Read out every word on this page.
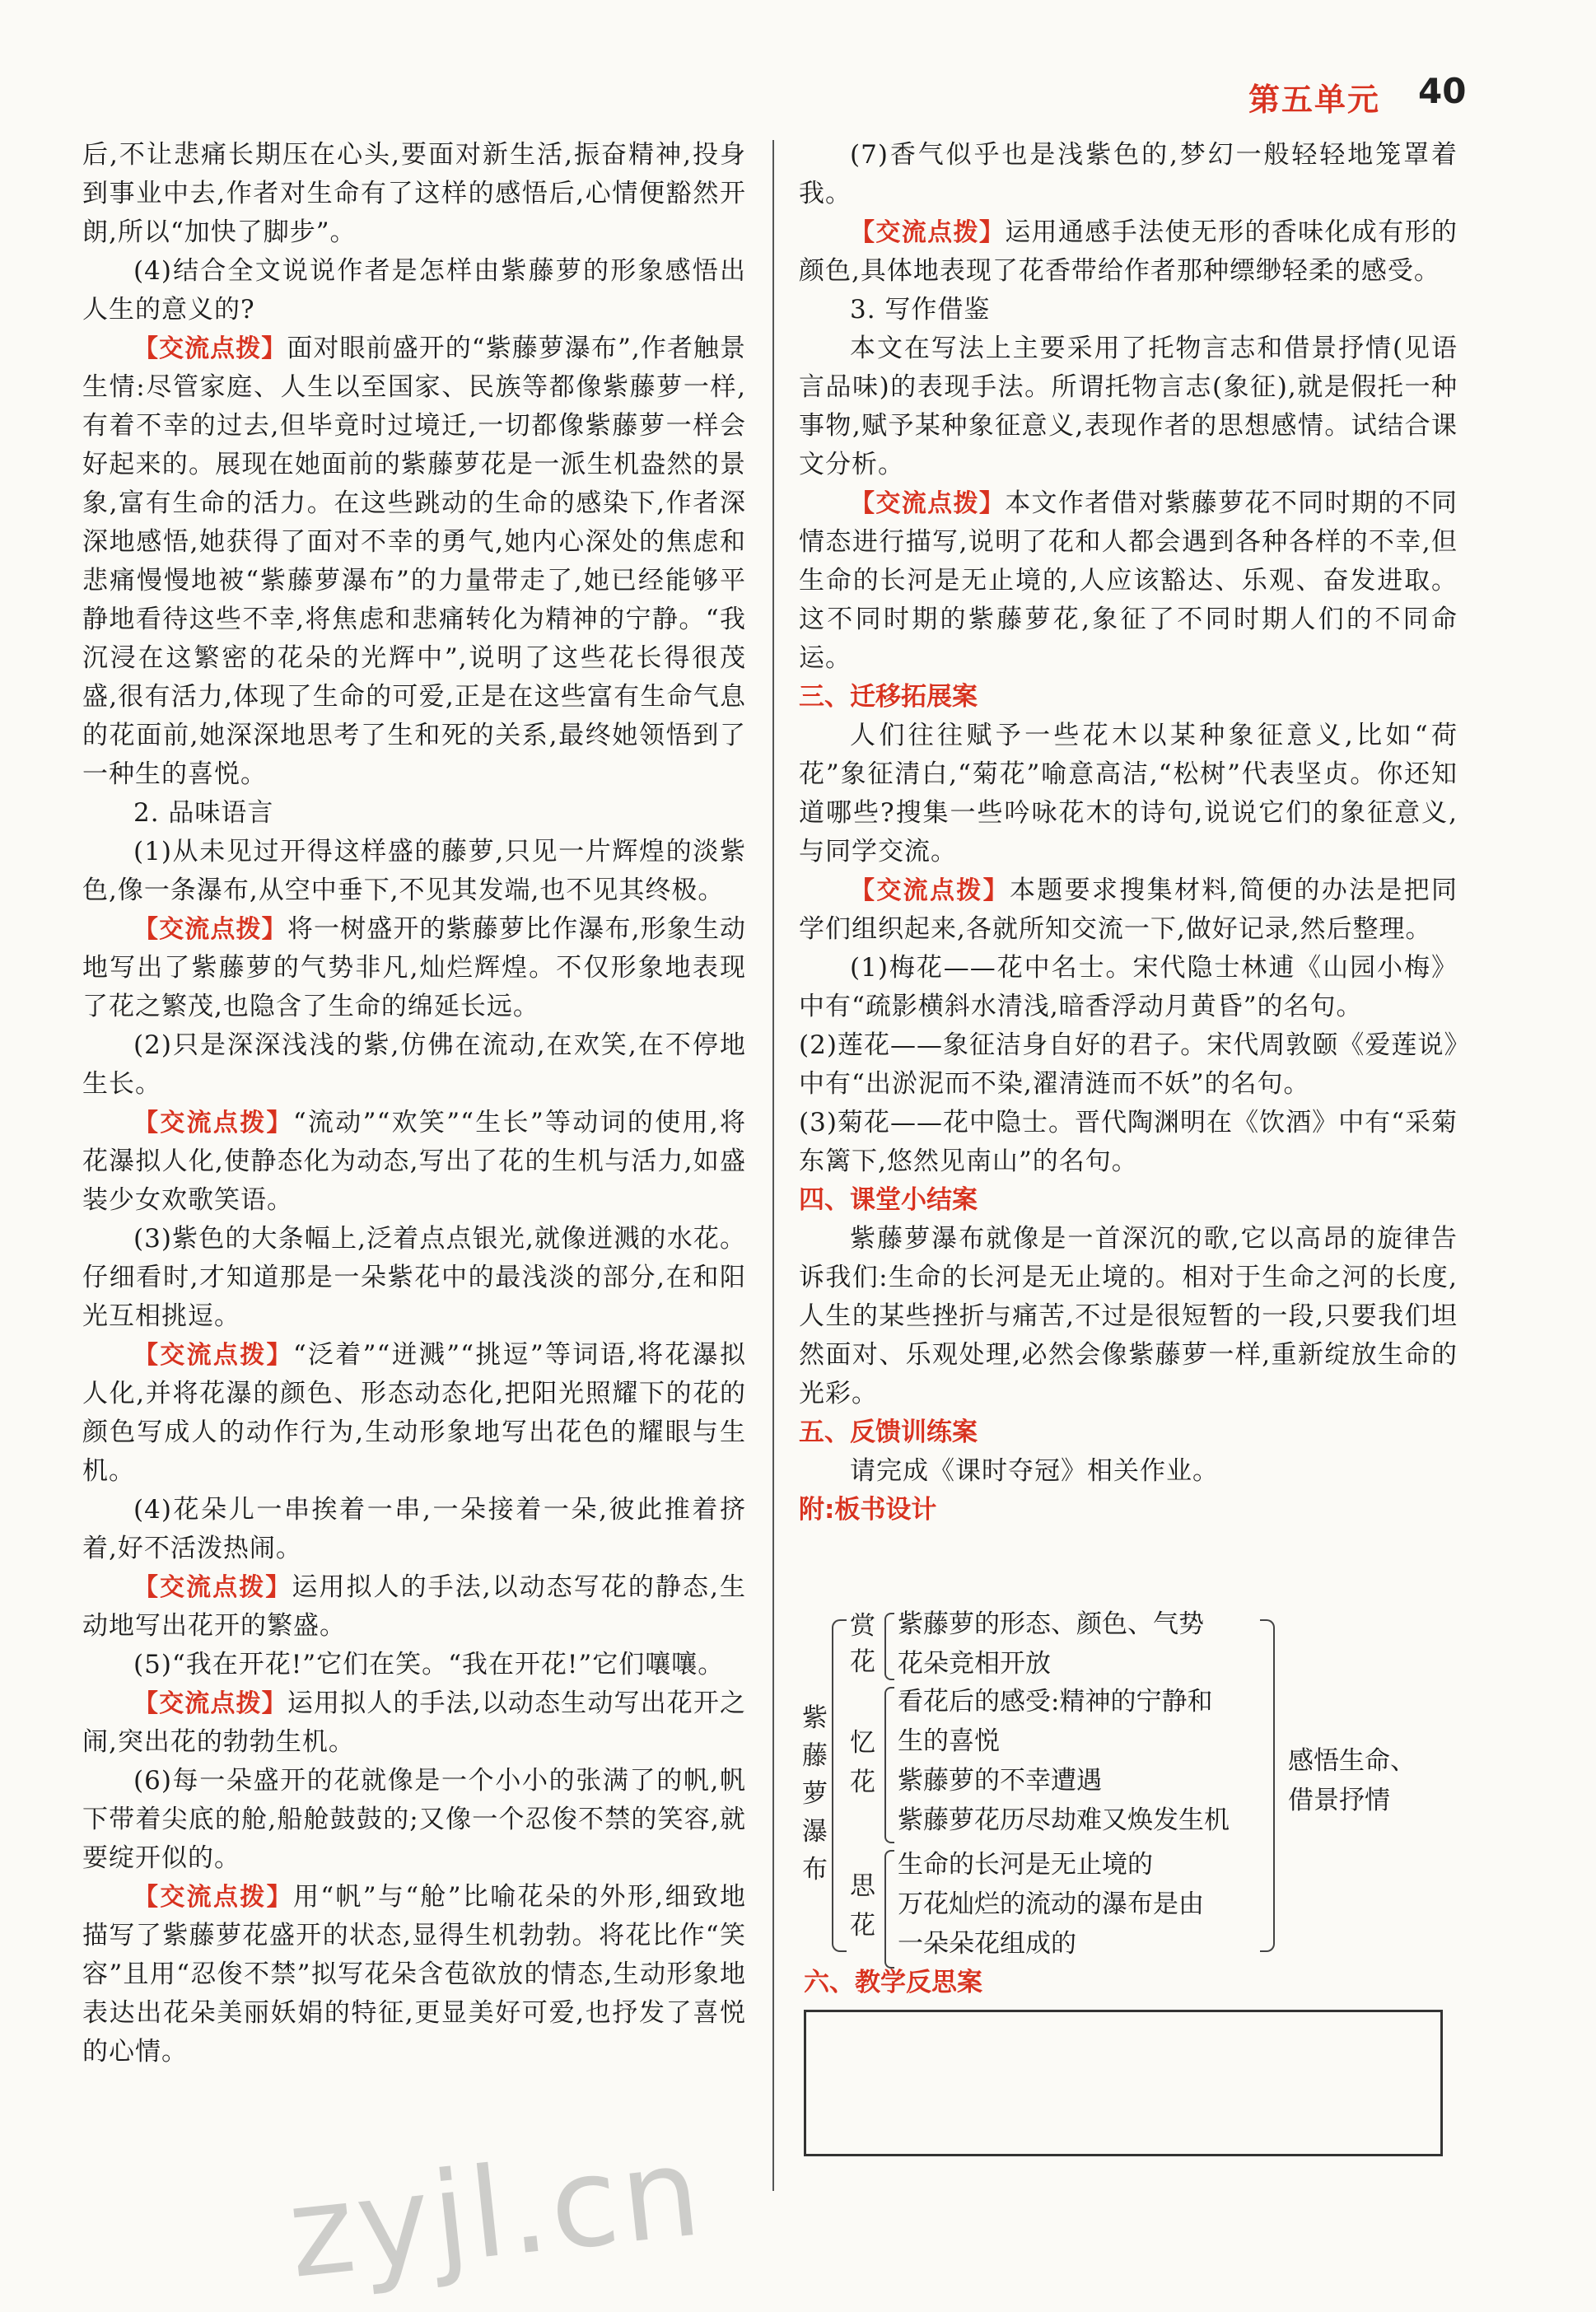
第五单元 40

后,不让悲痛长期压在心头,要面对新生活,振奋精神,投身到事业中去,作者对生命有了这样的感悟后,心情便豁然开朗,所以“加快了脚步”。

(4)结合全文说说作者是怎样由紫藤萝的形象感悟出人生的意义的?

【交流点拨】面对眼前盛开的“紫藤萝瀑布”,作者触景生情:尽管家庭、人生以至国家、民族等都像紫藤萝一样,有着不幸的过去,但毕竟时过境迁,一切都像紫藤萝一样会好起来的。展现在她面前的紫藤萝花是一派生机盎然的景象,富有生命的活力。在这些跳动的生命的感染下,作者深深地感悟,她获得了面对不幸的勇气,她内心深处的焦虑和悲痛慢慢地被“紫藤萝瀑布”的力量带走了,她已经能够平静地看待这些不幸,将焦虑和悲痛转化为精神的宁静。“我沉浸在这繁密的花朵的光辉中”,说明了这些花长得很茂盛,很有活力,体现了生命的可爱,正是在这些富有生命气息的花面前,她深深地思考了生和死的关系,最终她领悟到了一种生的喜悦。

2. 品味语言

(1)从未见过开得这样盛的藤萝,只见一片辉煌的淡紫色,像一条瀑布,从空中垂下,不见其发端,也不见其终极。

【交流点拨】将一树盛开的紫藤萝比作瀑布,形象生动地写出了紫藤萝的气势非凡,灿烂辉煌。不仅形象地表现了花之繁茂,也隐含了生命的绵延长远。

(2)只是深深浅浅的紫,仿佛在流动,在欢笑,在不停地生长。

【交流点拨】“流动”“欢笑”“生长”等动词的使用,将花瀑拟人化,使静态化为动态,写出了花的生机与活力,如盛装少女欢歌笑语。

(3)紫色的大条幅上,泛着点点银光,就像迸溅的水花。仔细看时,才知道那是一朵紫花中的最浅淡的部分,在和阳光互相挑逗。

【交流点拨】“泛着”“迸溅”“挑逗”等词语,将花瀑拟人化,并将花瀑的颜色、形态动态化,把阳光照耀下的花的颜色写成人的动作行为,生动形象地写出花色的耀眼与生机。

(4)花朵儿一串挨着一串,一朵接着一朵,彼此推着挤着,好不活泼热闹。

【交流点拨】运用拟人的手法,以动态写花的静态,生动地写出花开的繁盛。

(5)“我在开花!”它们在笑。“我在开花!”它们嚷嚷。

【交流点拨】运用拟人的手法,以动态生动写出花开之闹,突出花的勃勃生机。

(6)每一朵盛开的花就像是一个小小的张满了的帆,帆下带着尖底的舱,船舱鼓鼓的;又像一个忍俊不禁的笑容,就要绽开似的。

【交流点拨】用“帆”与“舱”比喻花朵的外形,细致地描写了紫藤萝花盛开的状态,显得生机勃勃。将花比作“笑容”且用“忍俊不禁”拟写花朵含苞欲放的情态,生动形象地表达出花朵美丽妖娟的特征,更显美好可爱,也抒发了喜悦的心情。

(7)香气似乎也是浅紫色的,梦幻一般轻轻地笼罩着我。

【交流点拨】运用通感手法使无形的香味化成有形的颜色,具体地表现了花香带给作者那种缥缈轻柔的感受。

3. 写作借鉴

本文在写法上主要采用了托物言志和借景抒情(见语言品味)的表现手法。所谓托物言志(象征),就是假托一种事物,赋予某种象征意义,表现作者的思想感情。试结合课文分析。

【交流点拨】本文作者借对紫藤萝花不同时期的不同情态进行描写,说明了花和人都会遇到各种各样的不幸,但生命的长河是无止境的,人应该豁达、乐观、奋发进取。这不同时期的紫藤萝花,象征了不同时期人们的不同命运。

三、迁移拓展案

人们往往赋予一些花木以某种象征意义,比如“荷花”象征清白,“菊花”喻意高洁,“松树”代表坚贞。你还知道哪些?搜集一些吟咏花木的诗句,说说它们的象征意义,与同学交流。

【交流点拨】本题要求搜集材料,简便的办法是把同学们组织起来,各就所知交流一下,做好记录,然后整理。

(1)梅花——花中名士。宋代隐士林逋《山园小梅》中有“疏影横斜水清浅,暗香浮动月黄昏”的名句。

(2)莲花——象征洁身自好的君子。宋代周敦颐《爱莲说》中有“出淤泥而不染,濯清涟而不妖”的名句。

(3)菊花——花中隐士。晋代陶渊明在《饮酒》中有“采菊东篱下,悠然见南山”的名句。

四、课堂小结案

紫藤萝瀑布就像是一首深沉的歌,它以高昂的旋律告诉我们:生命的长河是无止境的。相对于生命之河的长度,人生的某些挫折与痛苦,不过是很短暂的一段,只要我们坦然面对、乐观处理,必然会像紫藤萝一样,重新绽放生命的光彩。

五、反馈训练案

请完成《课时夺冠》相关作业。

附:板书设计

紫
藤
萝
瀑
布
赏
花
紫藤萝的形态、颜色、气势
花朵竞相开放
忆
花
看花后的感受:精神的宁静和
生的喜悦
紫藤萝的不幸遭遇
紫藤萝花历尽劫难又焕发生机
思
花
生命的长河是无止境的
万花灿烂的流动的瀑布是由
一朵朵花组成的
感悟生命、
借景抒情

六、教学反思案

zyjl.cn
